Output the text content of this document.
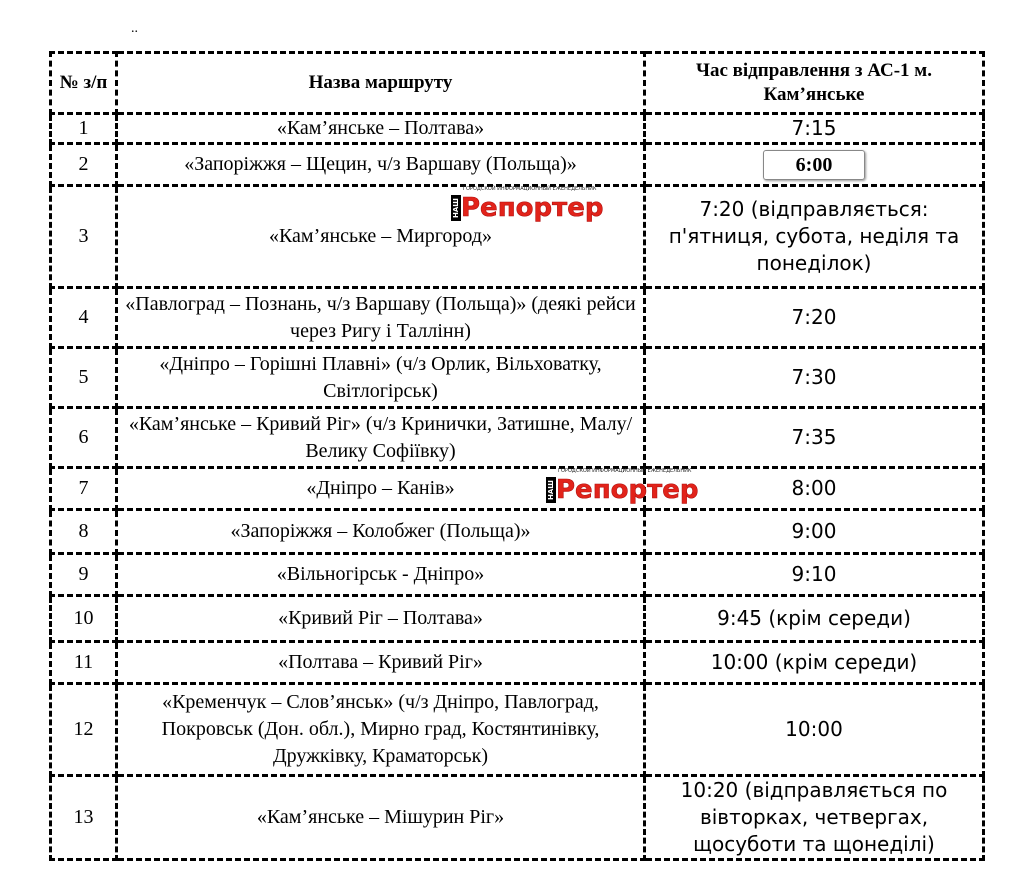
..
№ з/п	Назва маршруту	Час відправлення з АС-1 м. Кам’янське
1	«Кам’янське – Полтава»	7:15
2	«Запоріжжя – Щецин, ч/з Варшаву (Польща)»	6:00
3	«Кам’янське – Миргород»	7:20 (відправляється: п'ятниця, субота, неділя та понеділок)
4	«Павлоград – Познань, ч/з Варшаву (Польща)» (деякі рейси через Ригу і Таллінн)	7:20
5	«Дніпро – Горішні Плавні» (ч/з Орлик, Вільховатку, Світлогірськ)	7:30
6	«Кам’янське – Кривий Ріг» (ч/з Кринички, Затишне, Малу/Велику Софіївку)	7:35
7	«Дніпро – Канів»	8:00
8	«Запоріжжя – Колобжег (Польща)»	9:00
9	«Вільногірськ - Дніпро»	9:10
10	«Кривий Ріг – Полтава»	9:45 (крім середи)
11	«Полтава – Кривий Ріг»	10:00 (крім середи)
12	«Кременчук – Слов’янськ» (ч/з Дніпро, Павлоград, Покровськ (Дон. обл.), Мирно град, Костянтинівку, Дружківку, Краматорськ)	10:00
13	«Кам’янське – Мішурин Ріг»	10:20 (відправляється по вівторках, четвергах, щосуботи та щонеділі)
НАШ
ГОРОДСКОЙ ИНФОРМАЦИОННЫЙ ЕЖЕНЕДЕЛЬНИК
Репортер
НАШ
ГОРОДСКОЙ ИНФОРМАЦИОННЫЙ ЕЖЕНЕДЕЛЬНИК
Репортер
